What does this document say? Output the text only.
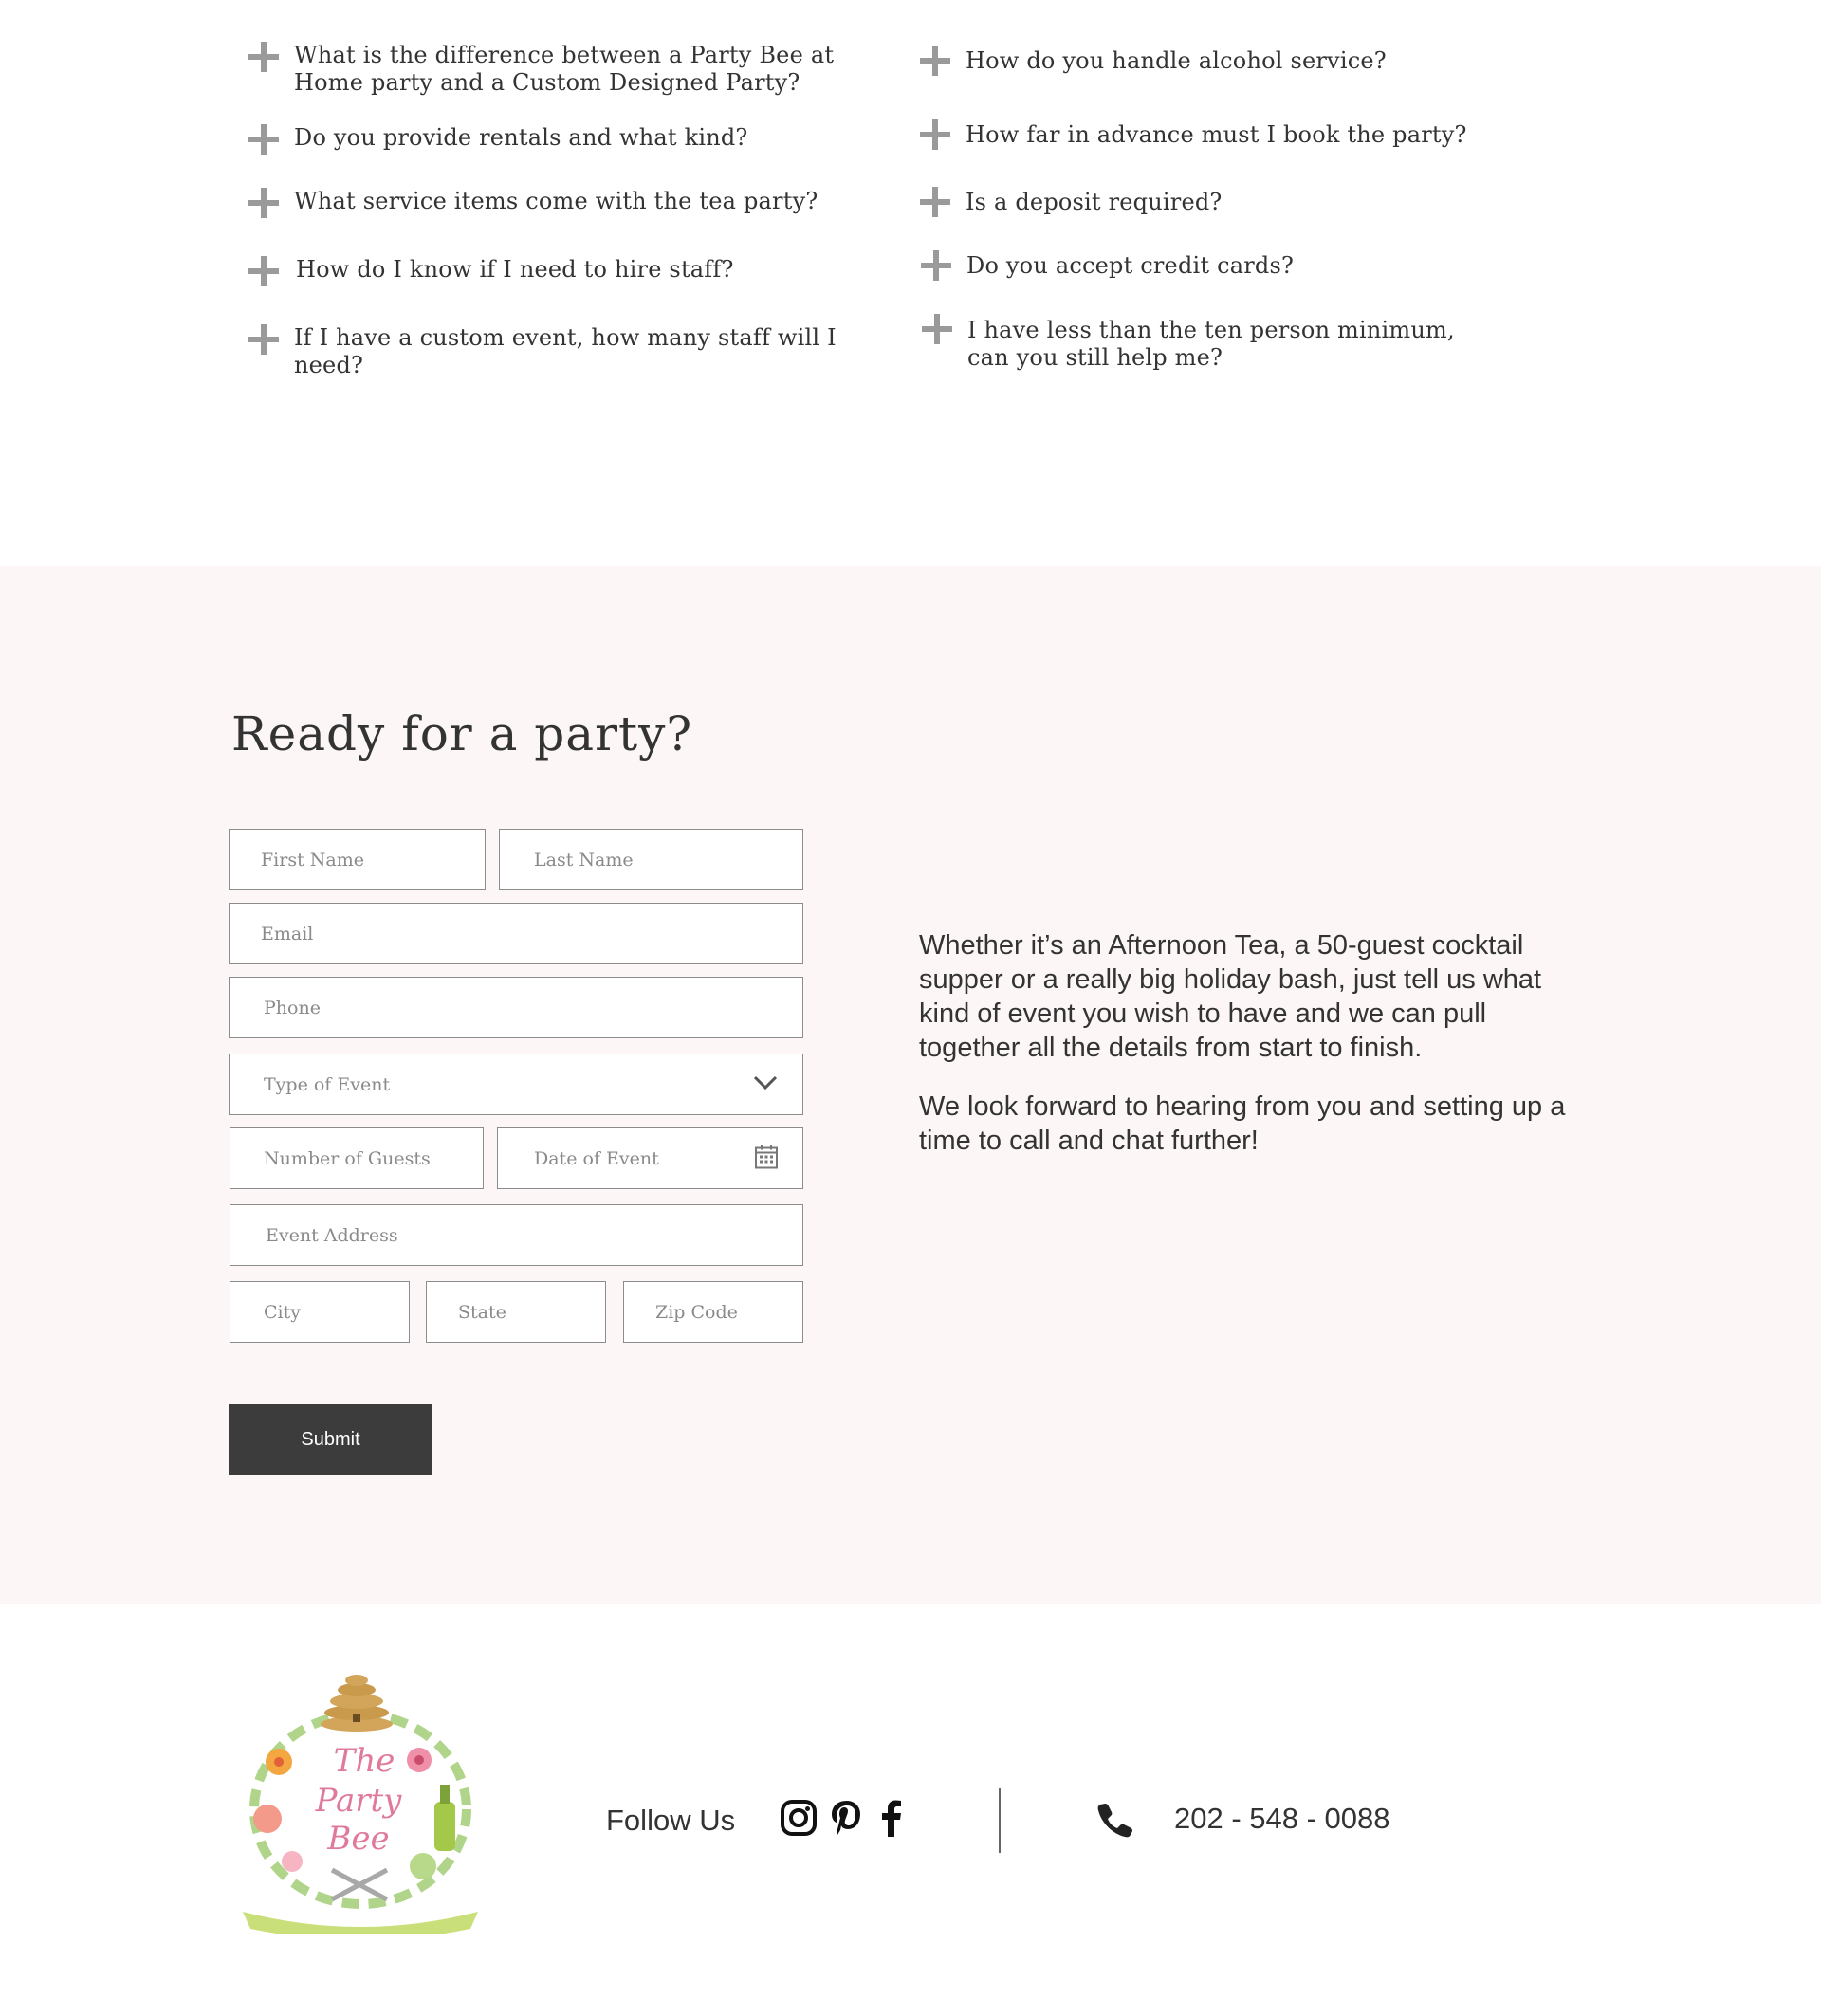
What is the difference between a Party Bee at
Home party and a Custom Designed Party?
Do you provide rentals and what kind?
What service items come with the tea party?
How do I know if I need to hire staff?
If I have a custom event, how many staff will I
need?
How do you handle alcohol service?
How far in advance must I book the party?
Is a deposit required?
Do you accept credit cards?
I have less than the ten person minimum,
can you still help me?
Ready for a party?
First Name	Last Name
Email
Phone
Type of Event
Number of Guests	Date of Event
Event Address
City	State	Zip Code
Submit

Whether it’s an Afternoon Tea, a 50-guest cocktail supper or a really big holiday bash, just tell us what kind of event you wish to have and we can pull together all the details from start to finish.

We look forward to hearing from you and setting up a time to call and chat further!

The
Party
Bee	Follow Us	202 - 548 - 0088
